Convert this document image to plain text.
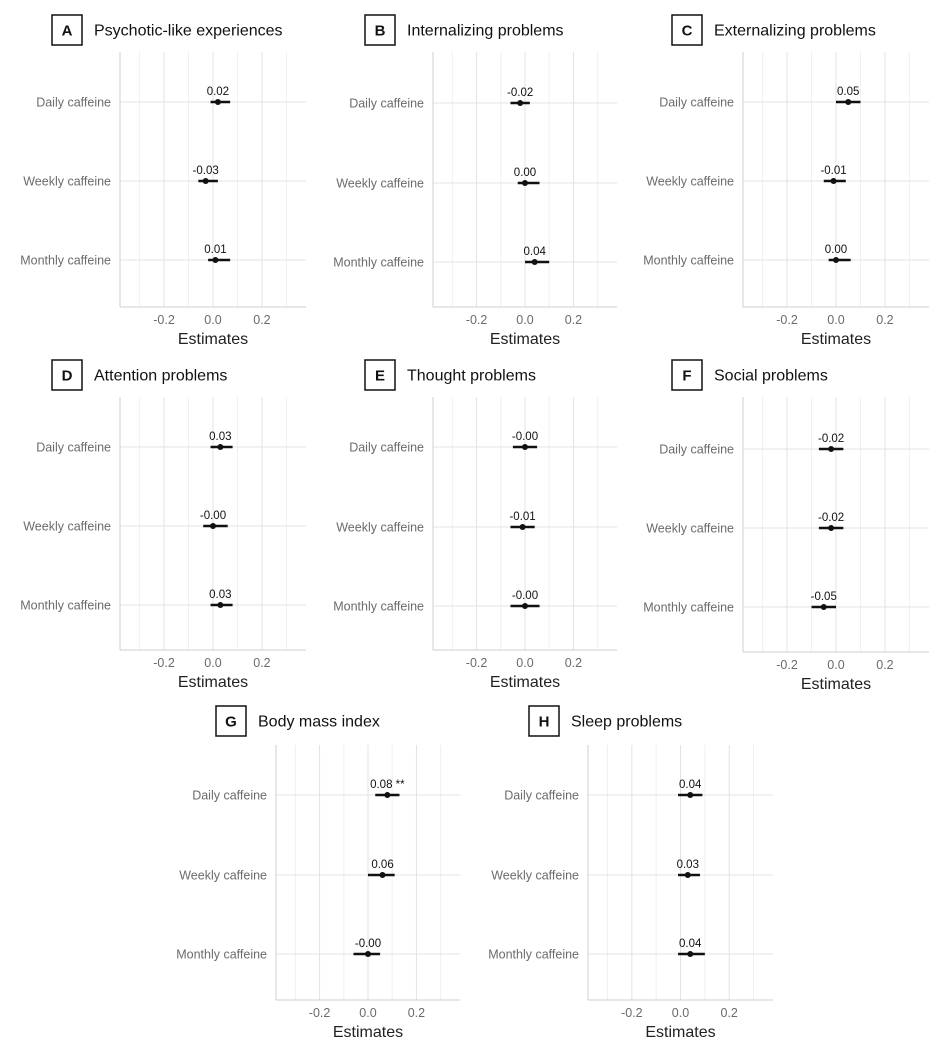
-0.2 0.0	0.2
Estimates
Daily caffeine
Weekly caffeine
Monthly caffeine
0.02
-0.03
0.01
A Psychotic-like experiences
-0.2 0.0 0.2
Estimates
Daily caffeine
Weekly caffeine
Monthly caffeine
-0.02
0.00
0.04
B Internalizing problems
-0.2 0.0	0.2
Estimates
Daily caffeine
Weekly caffeine
Monthly caffeine
0.05
-0.01
0.00
C Externalizing problems
-0.2 0.0	0.2
Estimates
Daily caffeine
Weekly caffeine
Monthly caffeine
0.03
-0.00
0.03
D Attention problems
-0.2 0.0 0.2
Estimates
Daily caffeine
Weekly caffeine
Monthly caffeine
-0.00
-0.01
-0.00
E Thought problems
-0.2 0.0	0.2
Estimates
Daily caffeine
Weekly caffeine
Monthly caffeine
-0.02
-0.02
-0.05
F Social problems
-0.2 0.0 0.2
Estimates
Daily caffeine
Weekly caffeine
Monthly caffeine
0.08 **
0.06
-0.00
G Body mass index
-0.2 0.0	0.2
Estimates
Daily caffeine
Weekly caffeine
Monthly caffeine
0.04
0.03
0.04
H Sleep problems
